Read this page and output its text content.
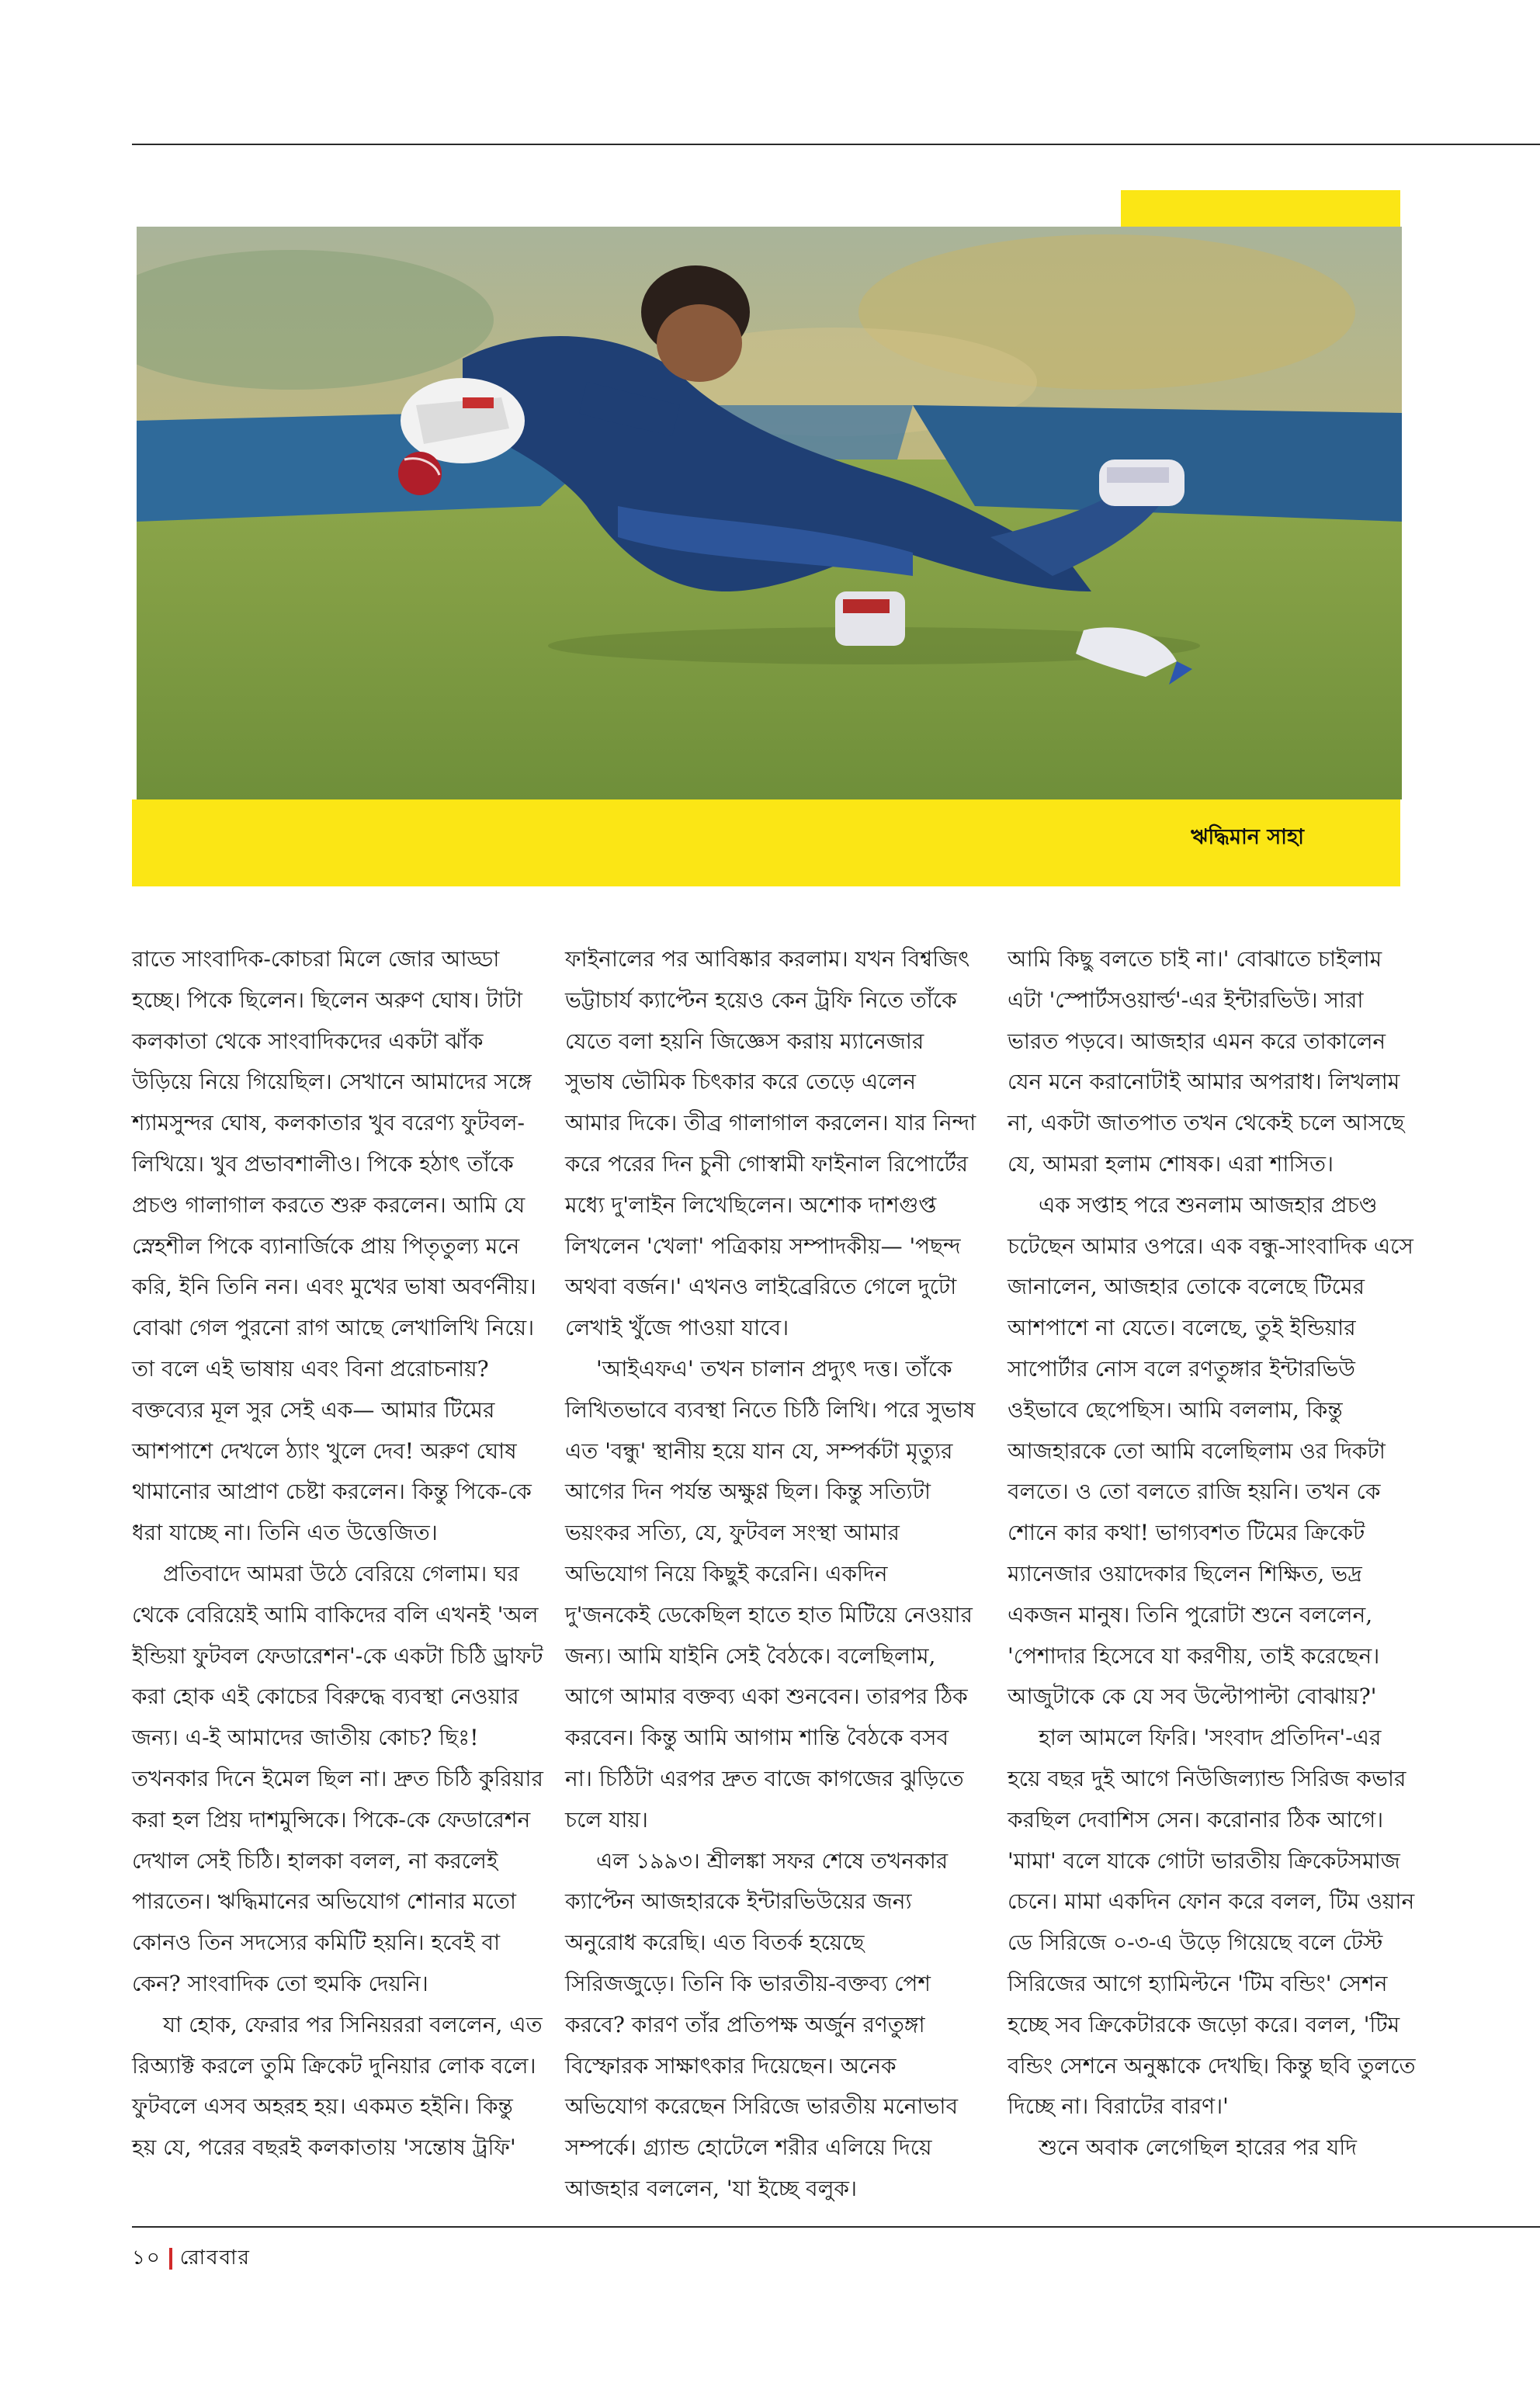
ঋদ্ধিমান সাহা

রাতে সাংবাদিক-কোচরা মিলে জোর আড্ডা হচ্ছে। পিকে ছিলেন। ছিলেন অরুণ ঘোষ। টাটা কলকাতা থেকে সাংবাদিকদের একটা ঝাঁক উড়িয়ে নিয়ে গিয়েছিল। সেখানে আমাদের সঙ্গে শ্যামসুন্দর ঘোষ, কলকাতার খুব বরেণ্য ফুটবল-লিখিয়ে। খুব প্রভাবশালীও। পিকে হঠাৎ তাঁকে প্রচণ্ড গালাগাল করতে শুরু করলেন। আমি যে স্নেহশীল পিকে ব্যানার্জিকে প্রায় পিতৃতুল্য মনে করি, ইনি তিনি নন। এবং মুখের ভাষা অবর্ণনীয়। বোঝা গেল পুরনো রাগ আছে লেখালিখি নিয়ে। তা বলে এই ভাষায় এবং বিনা প্ররোচনায়? বক্তব্যের মূল সুর সেই এক— আমার টিমের আশপাশে দেখলে ঠ্যাং খুলে দেব! অরুণ ঘোষ থামানোর আপ্রাণ চেষ্টা করলেন। কিন্তু পিকে-কে ধরা যাচ্ছে না। তিনি এত উত্তেজিত।

প্রতিবাদে আমরা উঠে বেরিয়ে গেলাম। ঘর থেকে বেরিয়েই আমি বাকিদের বলি এখনই 'অল ইন্ডিয়া ফুটবল ফেডারেশন'-কে একটা চিঠি ড্রাফট করা হোক এই কোচের বিরুদ্ধে ব্যবস্থা নেওয়ার জন্য। এ-ই আমাদের জাতীয় কোচ? ছিঃ! তখনকার দিনে ইমেল ছিল না। দ্রুত চিঠি কুরিয়ার করা হল প্রিয় দাশমুন্সিকে। পিকে-কে ফেডারেশন দেখাল সেই চিঠি। হালকা বলল, না করলেই পারতেন। ঋদ্ধিমানের অভিযোগ শোনার মতো কোনও তিন সদস্যের কমিটি হয়নি। হবেই বা কেন? সাংবাদিক তো হুমকি দেয়নি।

যা হোক, ফেরার পর সিনিয়ররা বললেন, এত রিঅ্যাক্ট করলে তুমি ক্রিকেট দুনিয়ার লোক বলে। ফুটবলে এসব অহরহ হয়। একমত হইনি। কিন্তু হয় যে, পরের বছরই কলকাতায় 'সন্তোষ ট্রফি'

ফাইনালের পর আবিষ্কার করলাম। যখন বিশ্বজিৎ ভট্টাচার্য ক্যাপ্টেন হয়েও কেন ট্রফি নিতে তাঁকে যেতে বলা হয়নি জিজ্ঞেস করায় ম্যানেজার সুভাষ ভৌমিক চিৎকার করে তেড়ে এলেন আমার দিকে। তীব্র গালাগাল করলেন। যার নিন্দা করে পরের দিন চুনী গোস্বামী ফাইনাল রিপোর্টের মধ্যে দু'লাইন লিখেছিলেন। অশোক দাশগুপ্ত লিখলেন 'খেলা' পত্রিকায় সম্পাদকীয়— 'পছন্দ অথবা বর্জন।' এখনও লাইব্রেরিতে গেলে দুটো লেখাই খুঁজে পাওয়া যাবে।

'আইএফএ' তখন চালান প্রদ্যুৎ দত্ত। তাঁকে লিখিতভাবে ব্যবস্থা নিতে চিঠি লিখি। পরে সুভাষ এত 'বন্ধু' স্থানীয় হয়ে যান যে, সম্পর্কটা মৃত্যুর আগের দিন পর্যন্ত অক্ষুণ্ণ ছিল। কিন্তু সত্যিটা ভয়ংকর সত্যি, যে, ফুটবল সংস্থা আমার অভিযোগ নিয়ে কিছুই করেনি। একদিন দু'জনকেই ডেকেছিল হাতে হাত মিটিয়ে নেওয়ার জন্য। আমি যাইনি সেই বৈঠকে। বলেছিলাম, আগে আমার বক্তব্য একা শুনবেন। তারপর ঠিক করবেন। কিন্তু আমি আগাম শান্তি বৈঠকে বসব না। চিঠিটা এরপর দ্রুত বাজে কাগজের ঝুড়িতে চলে যায়।

এল ১৯৯৩। শ্রীলঙ্কা সফর শেষে তখনকার ক্যাপ্টেন আজহারকে ইন্টারভিউয়ের জন্য অনুরোধ করেছি। এত বিতর্ক হয়েছে সিরিজজুড়ে। তিনি কি ভারতীয়-বক্তব্য পেশ করবে? কারণ তাঁর প্রতিপক্ষ অর্জুন রণতুঙ্গা বিস্ফোরক সাক্ষাৎকার দিয়েছেন। অনেক অভিযোগ করেছেন সিরিজে ভারতীয় মনোভাব সম্পর্কে। গ্র্যান্ড হোটেলে শরীর এলিয়ে দিয়ে আজহার বললেন, 'যা ইচ্ছে বলুক।

আমি কিছু বলতে চাই না।' বোঝাতে চাইলাম এটা 'স্পোর্টসওয়ার্ল্ড'-এর ইন্টারভিউ। সারা ভারত পড়বে। আজহার এমন করে তাকালেন যেন মনে করানোটাই আমার অপরাধ। লিখলাম না, একটা জাতপাত তখন থেকেই চলে আসছে যে, আমরা হলাম শোষক। এরা শাসিত।

এক সপ্তাহ পরে শুনলাম আজহার প্রচণ্ড চটেছেন আমার ওপরে। এক বন্ধু-সাংবাদিক এসে জানালেন, আজহার তোকে বলেছে টিমের আশপাশে না যেতে। বলেছে, তুই ইন্ডিয়ার সাপোর্টার নোস বলে রণতুঙ্গার ইন্টারভিউ ওইভাবে ছেপেছিস। আমি বললাম, কিন্তু আজহারকে তো আমি বলেছিলাম ওর দিকটা বলতে। ও তো বলতে রাজি হয়নি। তখন কে শোনে কার কথা! ভাগ্যবশত টিমের ক্রিকেট ম্যানেজার ওয়াদেকার ছিলেন শিক্ষিত, ভদ্র একজন মানুষ। তিনি পুরোটা শুনে বললেন, 'পেশাদার হিসেবে যা করণীয়, তাই করেছেন। আজুটাকে কে যে সব উল্টোপাল্টা বোঝায়?'

হাল আমলে ফিরি। 'সংবাদ প্রতিদিন'-এর হয়ে বছর দুই আগে নিউজিল্যান্ড সিরিজ কভার করছিল দেবাশিস সেন। করোনার ঠিক আগে। 'মামা' বলে যাকে গোটা ভারতীয় ক্রিকেটসমাজ চেনে। মামা একদিন ফোন করে বলল, টিম ওয়ান ডে সিরিজে ০-৩-এ উড়ে গিয়েছে বলে টেস্ট সিরিজের আগে হ্যামিল্টনে 'টিম বন্ডিং' সেশন হচ্ছে সব ক্রিকেটারকে জড়ো করে। বলল, 'টিম বন্ডিং সেশনে অনুষ্কাকে দেখছি। কিন্তু ছবি তুলতে দিচ্ছে না। বিরাটের বারণ।'

শুনে অবাক লেগেছিল হারের পর যদি

১০ রোববার
